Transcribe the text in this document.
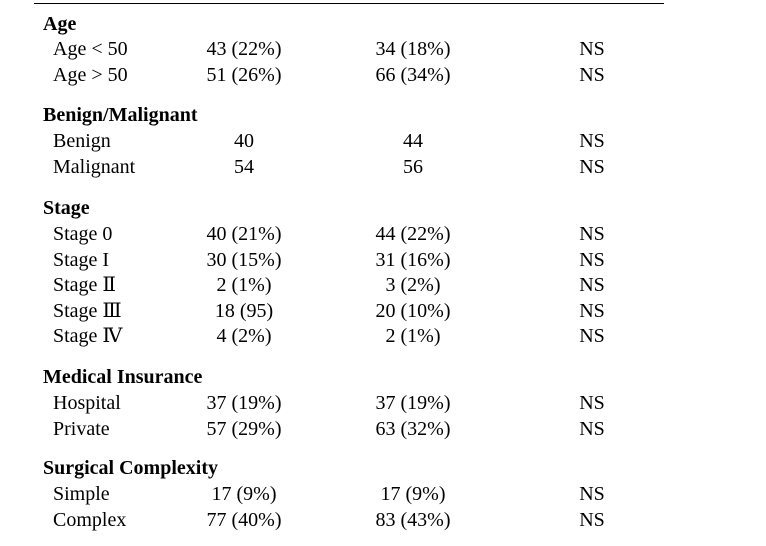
Age
Age < 50	43 (22%)	34 (18%)	NS
Age > 50	51 (26%)	66 (34%)	NS
Benign/Malignant
Benign	40	44	NS
Malignant	54	56	NS
Stage
Stage 0	40 (21%)	44 (22%)	NS
Stage I	30 (15%)	31 (16%)	NS
Stage Ⅱ	2 (1%)	3 (2%)	NS
Stage Ⅲ	18 (95)	20 (10%)	NS
Stage Ⅳ	4 (2%)	2 (1%)	NS
Medical Insurance
Hospital	37 (19%)	37 (19%)	NS
Private	57 (29%)	63 (32%)	NS
Surgical Complexity
Simple	17 (9%)	17 (9%)	NS
Complex	77 (40%)	83 (43%)	NS
